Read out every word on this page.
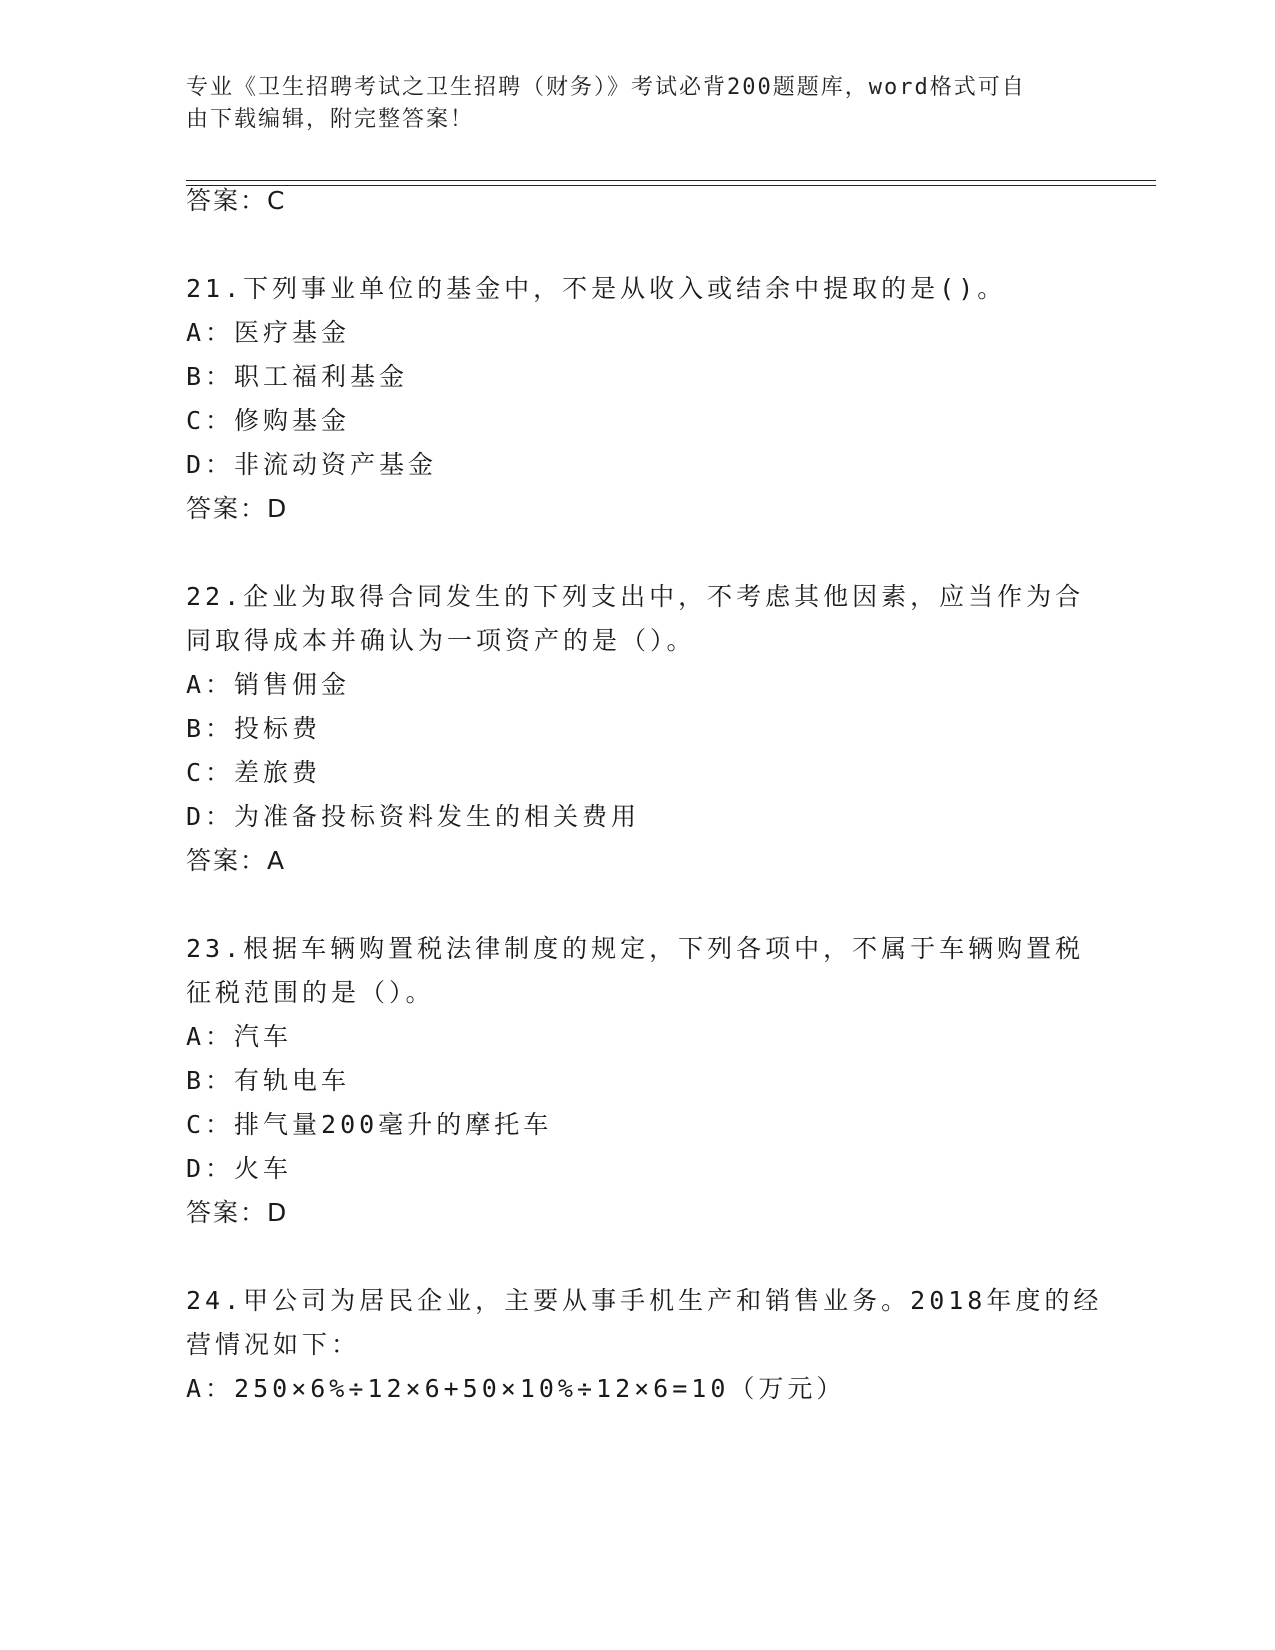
专业《卫生招聘考试之卫生招聘（财务）》考试必背200题题库，word格式可自
由下载编辑，附完整答案！
答案：C
21.下列事业单位的基金中，不是从收入或结余中提取的是()。
A：医疗基金
B：职工福利基金
C：修购基金
D：非流动资产基金
答案：D
22.企业为取得合同发生的下列支出中，不考虑其他因素，应当作为合
同取得成本并确认为一项资产的是（）。
A：销售佣金
B：投标费
C：差旅费
D：为准备投标资料发生的相关费用
答案：A
23.根据车辆购置税法律制度的规定，下列各项中，不属于车辆购置税
征税范围的是（）。
A：汽车
B：有轨电车
C：排气量200毫升的摩托车
D：火车
答案：D
24.甲公司为居民企业，主要从事手机生产和销售业务。2018年度的经
营情况如下：
A：250×6%÷12×6+50×10%÷12×6=10（万元）
